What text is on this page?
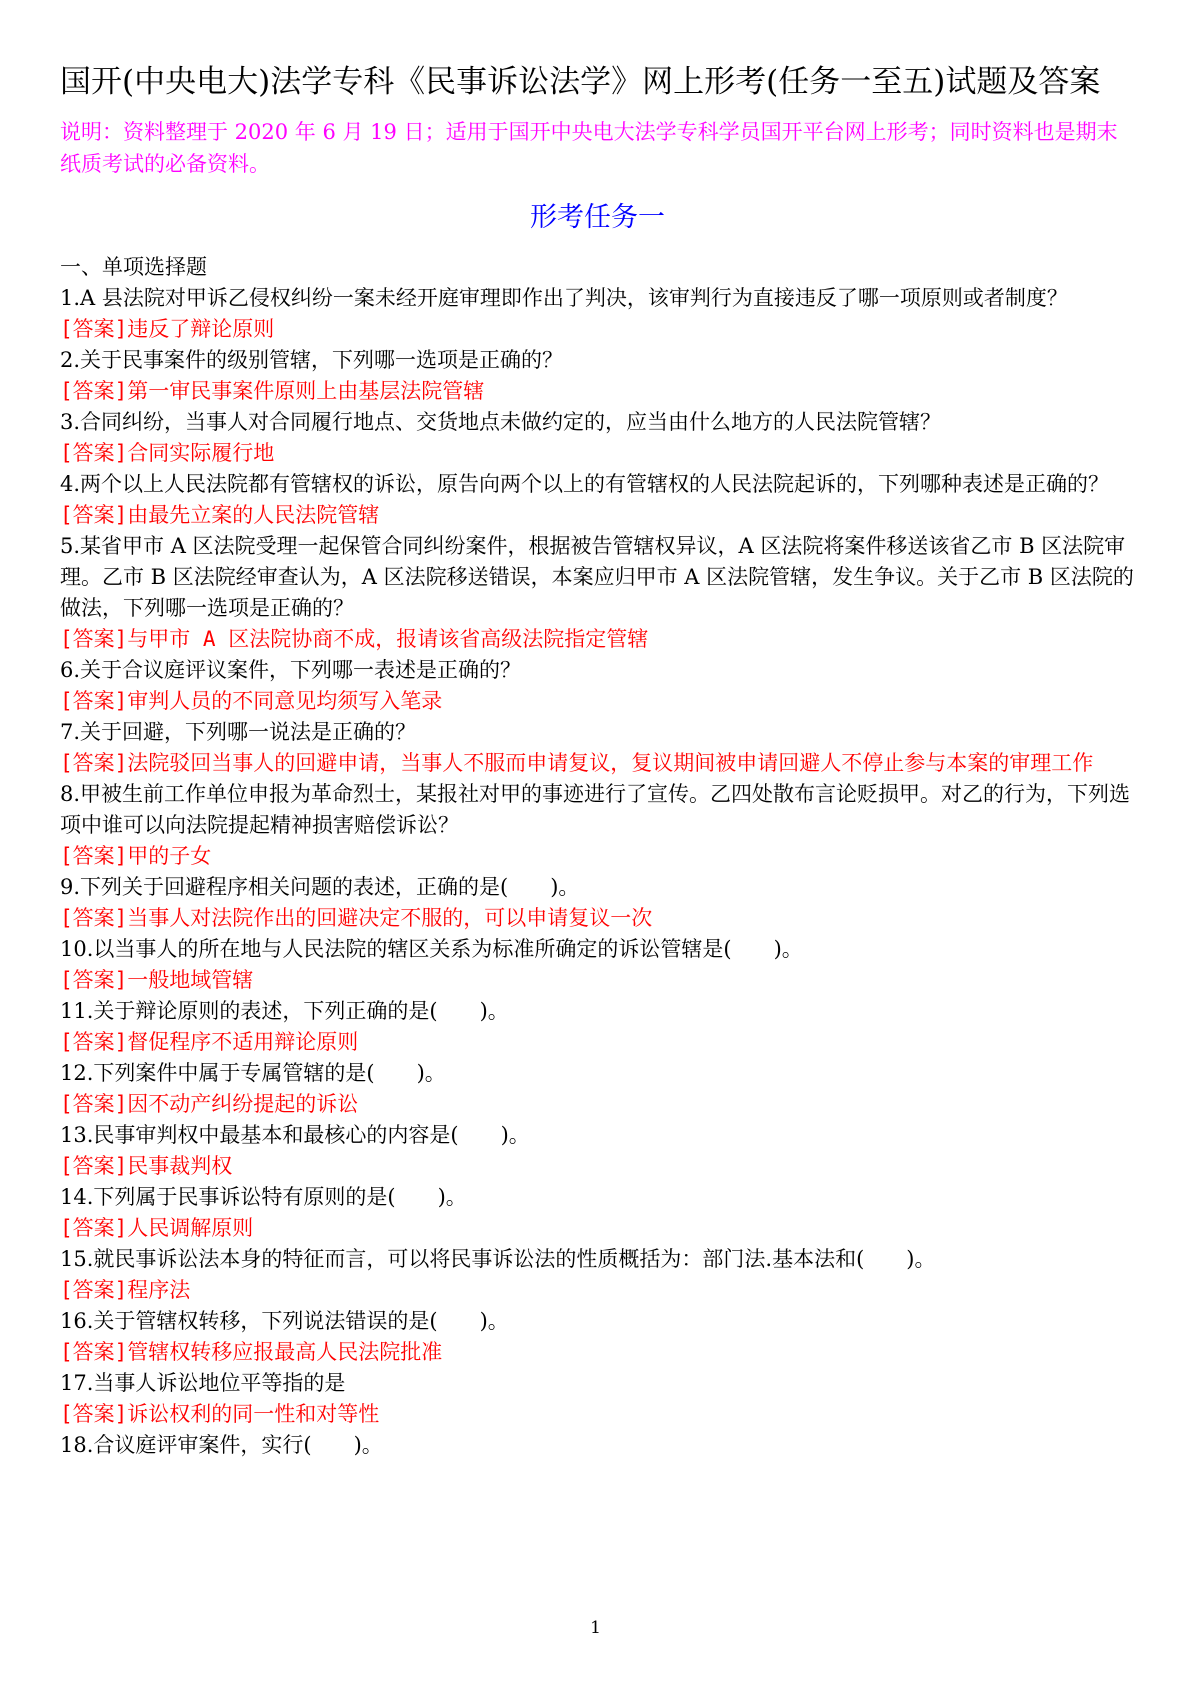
国开(中央电大)法学专科《民事诉讼法学》网上形考(任务一至五)试题及答案

说明：资料整理于 2020 年 6 月 19 日；适用于国开中央电大法学专科学员国开平台网上形考；同时资料也是期末纸质考试的必备资料。

形考任务一

一、单项选择题

1.A 县法院对甲诉乙侵权纠纷一案未经开庭审理即作出了判决，该审判行为直接违反了哪一项原则或者制度？

[答案]违反了辩论原则

2.关于民事案件的级别管辖，下列哪一选项是正确的？

[答案]第一审民事案件原则上由基层法院管辖

3.合同纠纷，当事人对合同履行地点、交货地点未做约定的，应当由什么地方的人民法院管辖？

[答案]合同实际履行地

4.两个以上人民法院都有管辖权的诉讼，原告向两个以上的有管辖权的人民法院起诉的，下列哪种表述是正确的？

[答案]由最先立案的人民法院管辖

5.某省甲市 A 区法院受理一起保管合同纠纷案件，根据被告管辖权异议，A 区法院将案件移送该省乙市 B 区法院审理。乙市 B 区法院经审查认为，A 区法院移送错误，本案应归甲市 A 区法院管辖，发生争议。关于乙市 B 区法院的做法，下列哪一选项是正确的？

[答案]与甲市 A 区法院协商不成，报请该省高级法院指定管辖

6.关于合议庭评议案件，下列哪一表述是正确的？

[答案]审判人员的不同意见均须写入笔录

7.关于回避，下列哪一说法是正确的？

[答案]法院驳回当事人的回避申请，当事人不服而申请复议，复议期间被申请回避人不停止参与本案的审理工作

8.甲被生前工作单位申报为革命烈士，某报社对甲的事迹进行了宣传。乙四处散布言论贬损甲。对乙的行为，下列选项中谁可以向法院提起精神损害赔偿诉讼？

[答案]甲的子女

9.下列关于回避程序相关问题的表述，正确的是(　　)。

[答案]当事人对法院作出的回避决定不服的，可以申请复议一次

10.以当事人的所在地与人民法院的辖区关系为标准所确定的诉讼管辖是(　　)。

[答案]一般地域管辖

11.关于辩论原则的表述，下列正确的是(　　)。

[答案]督促程序不适用辩论原则

12.下列案件中属于专属管辖的是(　　)。

[答案]因不动产纠纷提起的诉讼

13.民事审判权中最基本和最核心的内容是(　　)。

[答案]民事裁判权

14.下列属于民事诉讼特有原则的是(　　)。

[答案]人民调解原则

15.就民事诉讼法本身的特征而言，可以将民事诉讼法的性质概括为：部门法.基本法和(　　)。

[答案]程序法

16.关于管辖权转移，下列说法错误的是(　　)。

[答案]管辖权转移应报最高人民法院批准

17.当事人诉讼地位平等指的是

[答案]诉讼权利的同一性和对等性

18.合议庭评审案件，实行(　　)。

1
